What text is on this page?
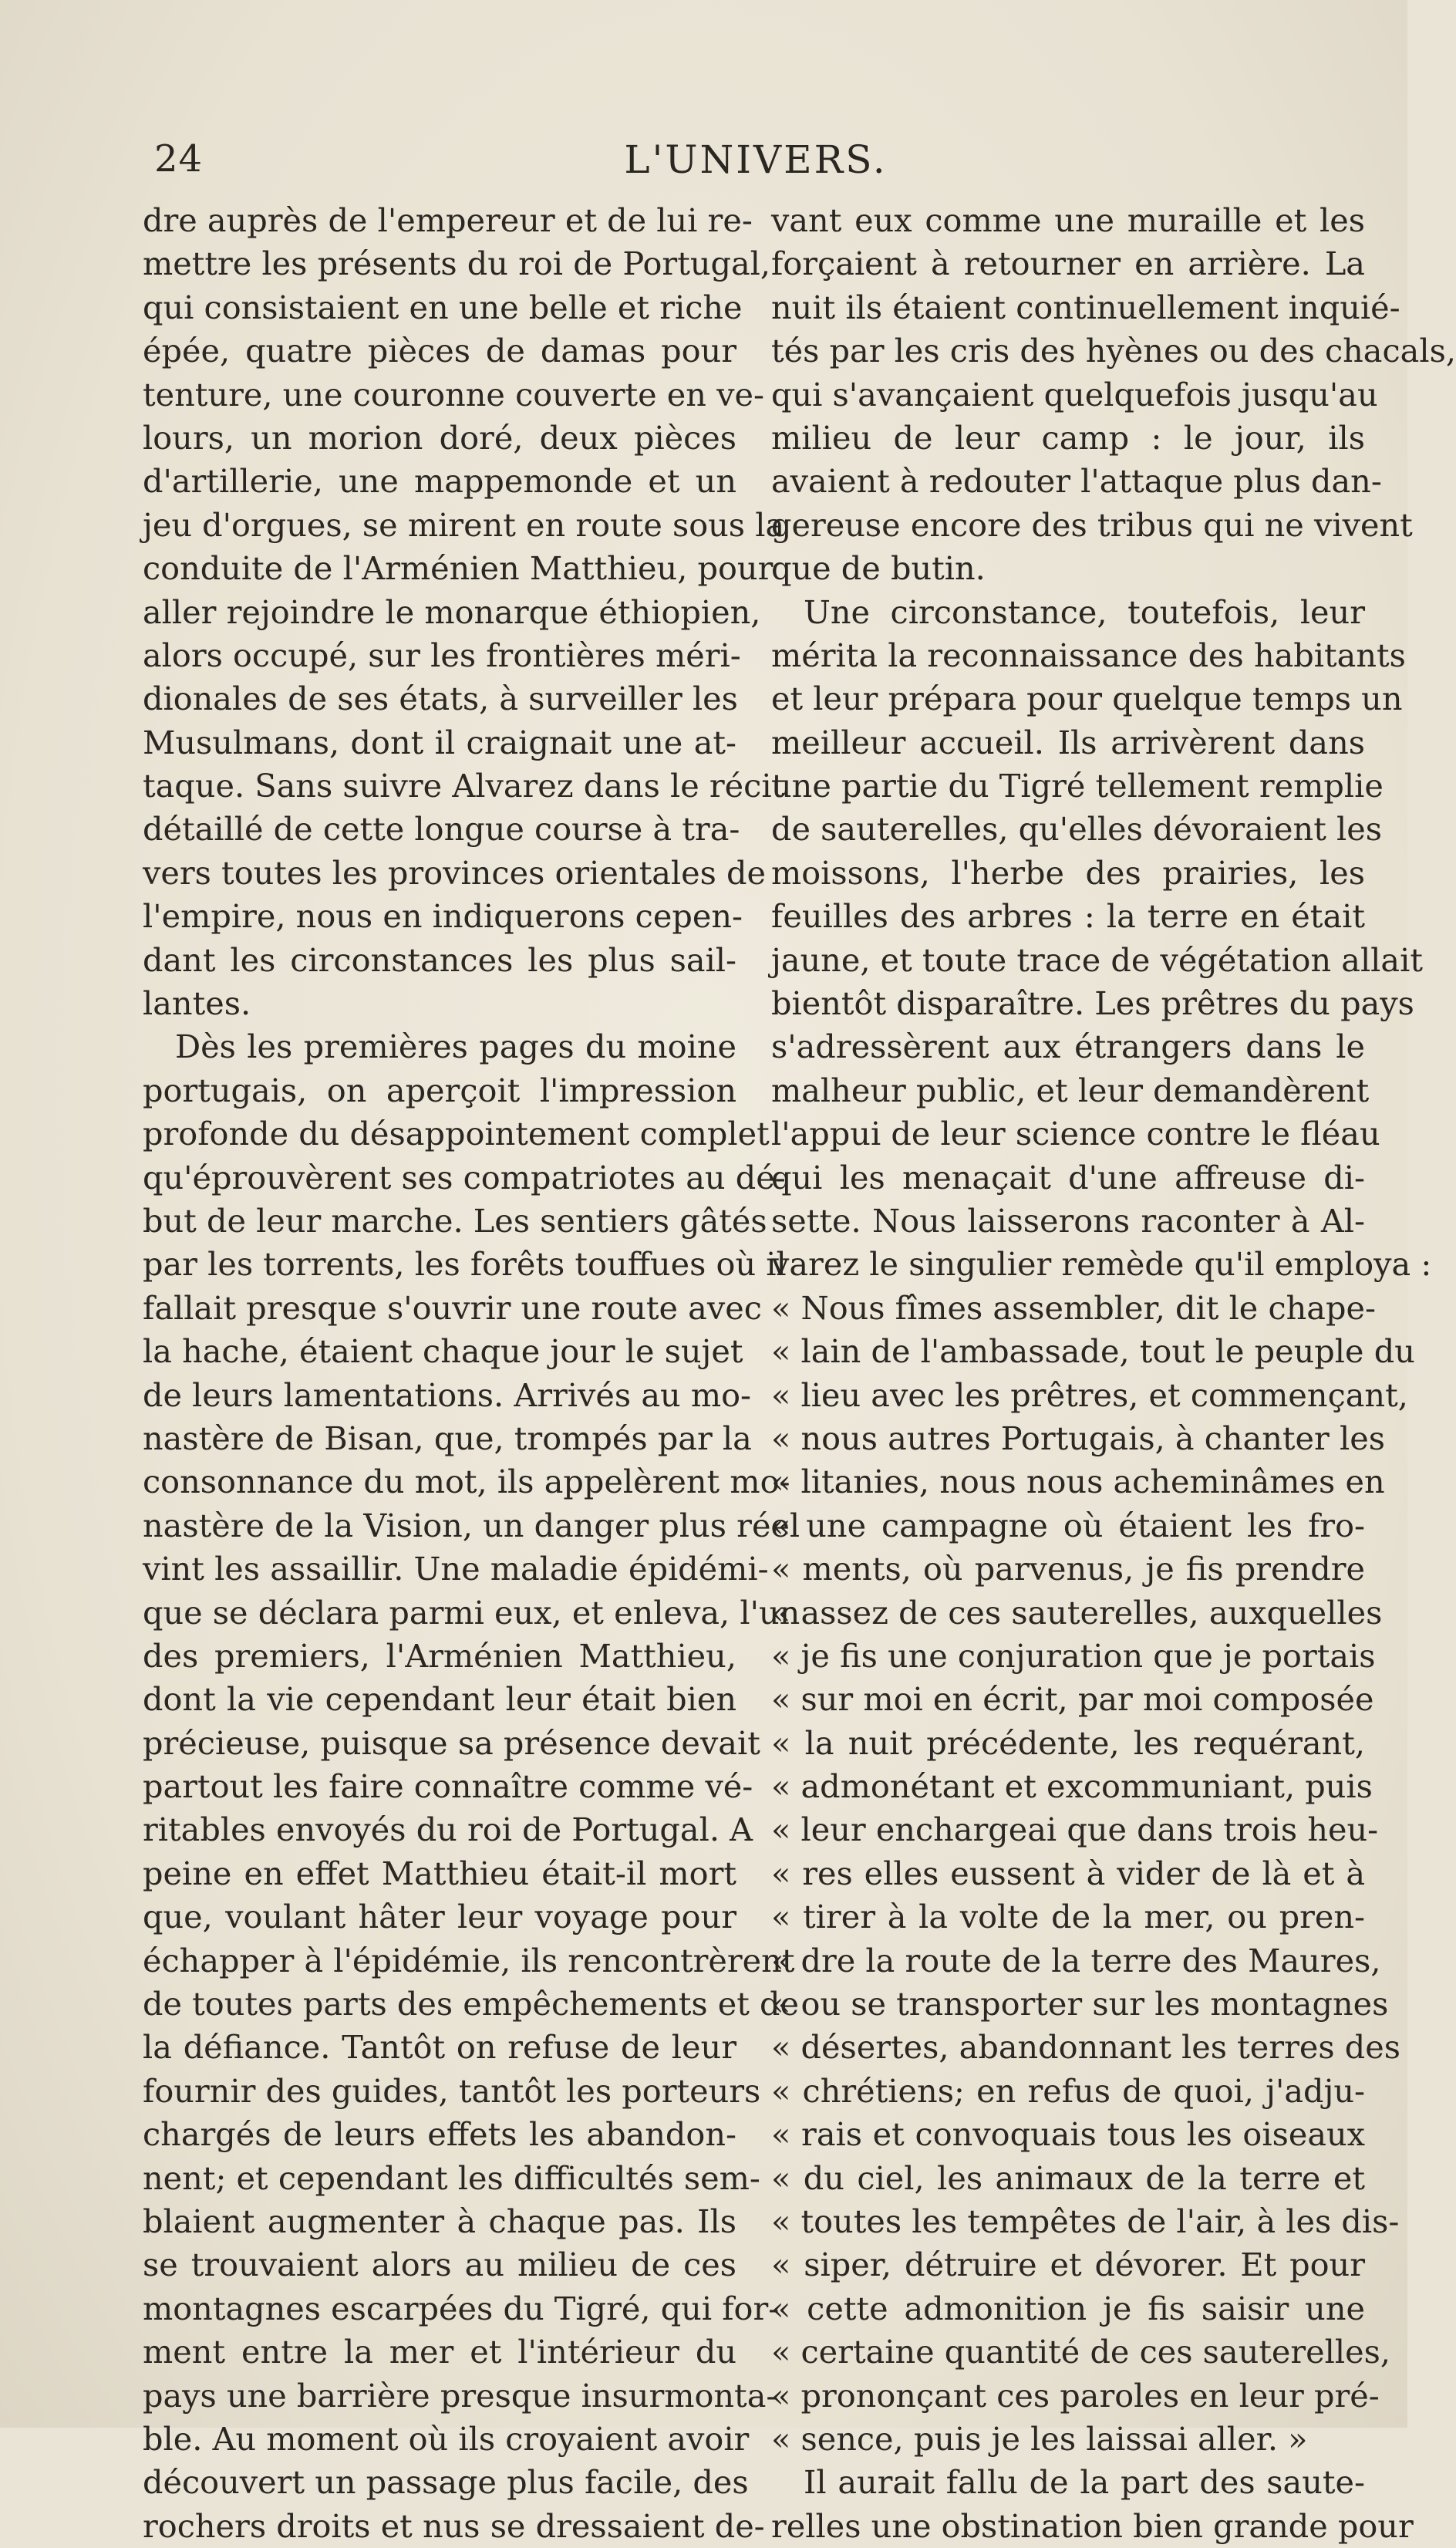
24	L'UNIVERS.
dre auprès de l'empereur et de lui re-
mettre les présents du roi de Portugal,
qui consistaient en une belle et riche
épée, quatre pièces de damas pour
tenture, une couronne couverte en ve-
lours, un morion doré, deux pièces
d'artillerie, une mappemonde et un
jeu d'orgues, se mirent en route sous la
conduite de l'Arménien Matthieu, pour
aller rejoindre le monarque éthiopien,
alors occupé, sur les frontières méri-
dionales de ses états, à surveiller les
Musulmans, dont il craignait une at-
taque. Sans suivre Alvarez dans le récit
détaillé de cette longue course à tra-
vers toutes les provinces orientales de
l'empire, nous en indiquerons cepen-
dant les circonstances les plus sail-
lantes.
Dès les premières pages du moine
portugais, on aperçoit l'impression
profonde du désappointement complet
qu'éprouvèrent ses compatriotes au dé-
but de leur marche. Les sentiers gâtés
par les torrents, les forêts touffues où il
fallait presque s'ouvrir une route avec
la hache, étaient chaque jour le sujet
de leurs lamentations. Arrivés au mo-
nastère de Bisan, que, trompés par la
consonnance du mot, ils appelèrent mo-
nastère de la Vision, un danger plus réel
vint les assaillir. Une maladie épidémi-
que se déclara parmi eux, et enleva, l'un
des premiers, l'Arménien Matthieu,
dont la vie cependant leur était bien
précieuse, puisque sa présence devait
partout les faire connaître comme vé-
ritables envoyés du roi de Portugal. A
peine en effet Matthieu était-il mort
que, voulant hâter leur voyage pour
échapper à l'épidémie, ils rencontrèrent
de toutes parts des empêchements et de
la défiance. Tantôt on refuse de leur
fournir des guides, tantôt les porteurs
chargés de leurs effets les abandon-
nent; et cependant les difficultés sem-
blaient augmenter à chaque pas. Ils
se trouvaient alors au milieu de ces
montagnes escarpées du Tigré, qui for-
ment entre la mer et l'intérieur du
pays une barrière presque insurmonta-
ble. Au moment où ils croyaient avoir
découvert un passage plus facile, des
rochers droits et nus se dressaient de-
vant eux comme une muraille et les
forçaient à retourner en arrière. La
nuit ils étaient continuellement inquié-
tés par les cris des hyènes ou des chacals,
qui s'avançaient quelquefois jusqu'au
milieu de leur camp : le jour, ils
avaient à redouter l'attaque plus dan-
gereuse encore des tribus qui ne vivent
que de butin.
Une circonstance, toutefois, leur
mérita la reconnaissance des habitants
et leur prépara pour quelque temps un
meilleur accueil. Ils arrivèrent dans
une partie du Tigré tellement remplie
de sauterelles, qu'elles dévoraient les
moissons, l'herbe des prairies, les
feuilles des arbres : la terre en était
jaune, et toute trace de végétation allait
bientôt disparaître. Les prêtres du pays
s'adressèrent aux étrangers dans le
malheur public, et leur demandèrent
l'appui de leur science contre le fléau
qui les menaçait d'une affreuse di-
sette. Nous laisserons raconter à Al-
varez le singulier remède qu'il employa :
« Nous fîmes assembler, dit le chape-
« lain de l'ambassade, tout le peuple du
« lieu avec les prêtres, et commençant,
« nous autres Portugais, à chanter les
« litanies, nous nous acheminâmes en
« une campagne où étaient les fro-
« ments, où parvenus, je fis prendre
« assez de ces sauterelles, auxquelles
« je fis une conjuration que je portais
« sur moi en écrit, par moi composée
« la nuit précédente, les requérant,
« admonétant et excommuniant, puis
« leur enchargeai que dans trois heu-
« res elles eussent à vider de là et à
« tirer à la volte de la mer, ou pren-
« dre la route de la terre des Maures,
« ou se transporter sur les montagnes
« désertes, abandonnant les terres des
« chrétiens; en refus de quoi, j'adju-
« rais et convoquais tous les oiseaux
« du ciel, les animaux de la terre et
« toutes les tempêtes de l'air, à les dis-
« siper, détruire et dévorer. Et pour
« cette admonition je fis saisir une
« certaine quantité de ces sauterelles,
« prononçant ces paroles en leur pré-
« sence, puis je les laissai aller. »
Il aurait fallu de la part des saute-
relles une obstination bien grande pour
